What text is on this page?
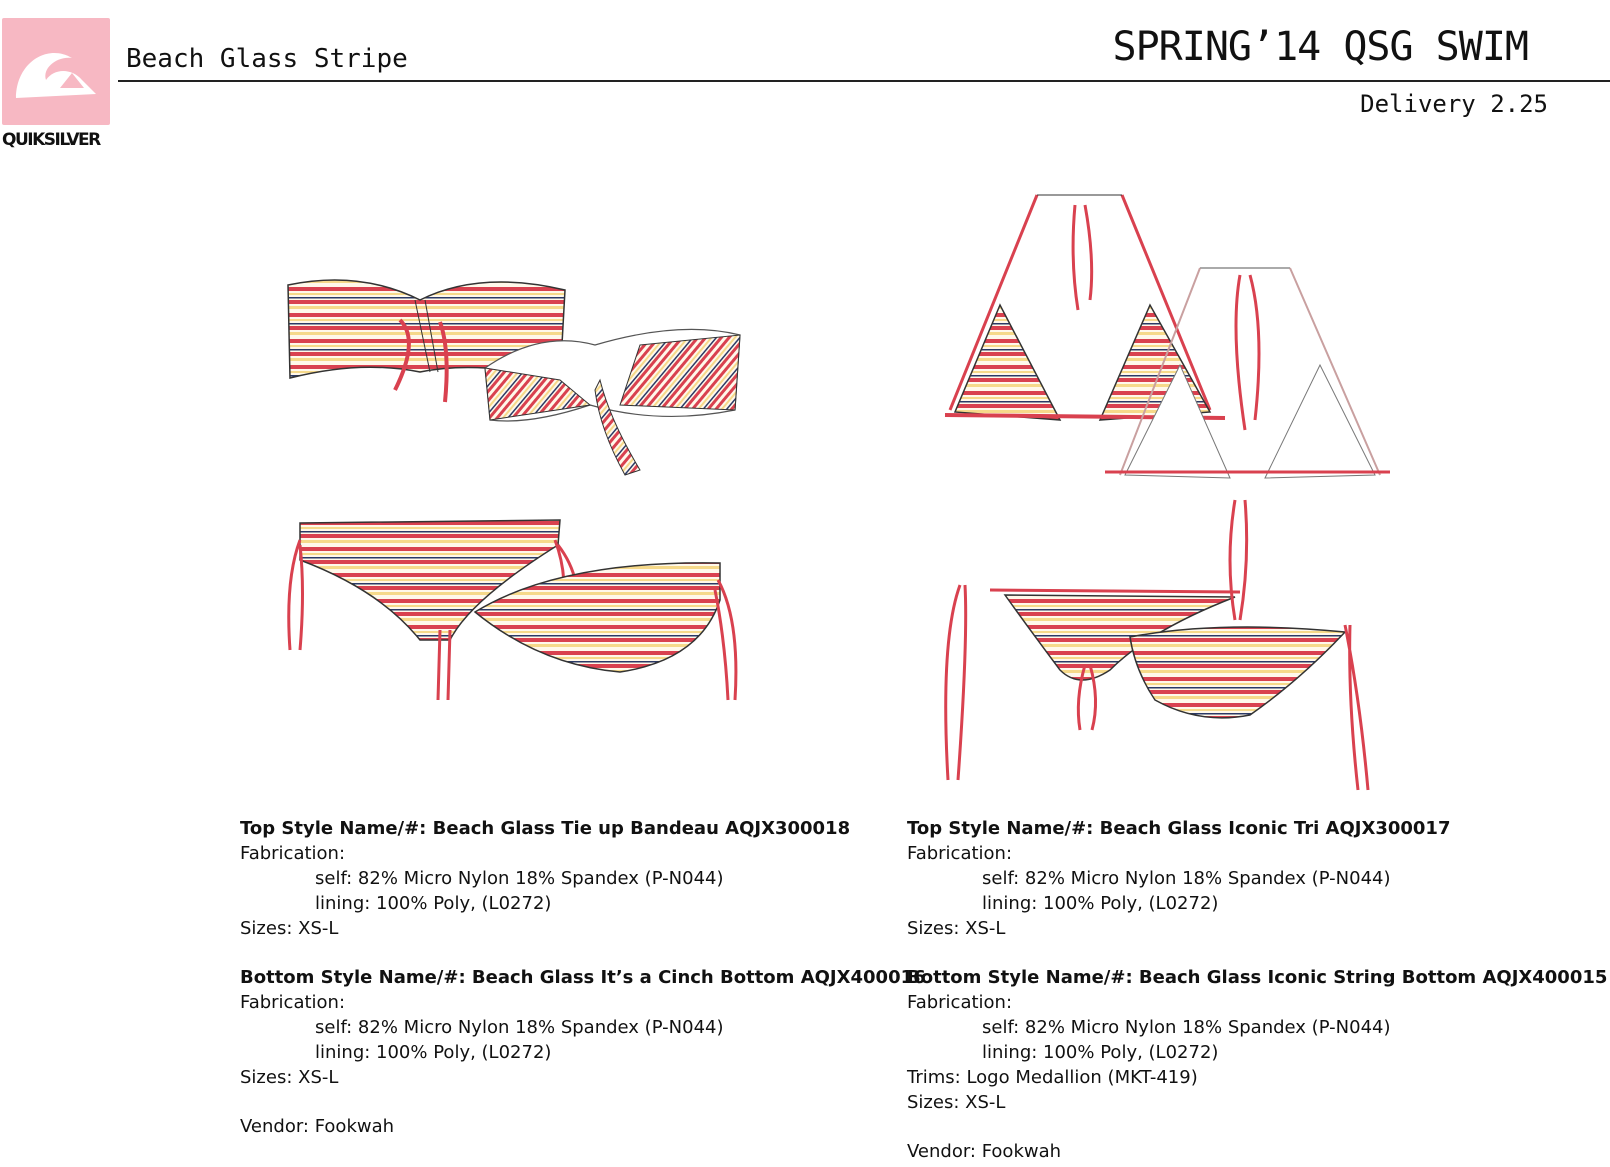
QUIKSILVER
Beach Glass Stripe	SPRING’14 QSG SWIM
Delivery 2.25
Top Style Name/#: Beach Glass Tie up Bandeau AQJX300018
Fabrication:
self: 82% Micro Nylon 18% Spandex (P-N044)
lining: 100% Poly, (L0272)
Sizes: XS-L
Bottom Style Name/#: Beach Glass It’s a Cinch Bottom AQJX400016
Fabrication:
self: 82% Micro Nylon 18% Spandex (P-N044)
lining: 100% Poly, (L0272)
Sizes: XS-L
Vendor: Fookwah
Top Style Name/#: Beach Glass Iconic Tri AQJX300017
Fabrication:
self: 82% Micro Nylon 18% Spandex (P-N044)
lining: 100% Poly, (L0272)
Sizes: XS-L
Bottom Style Name/#: Beach Glass Iconic String Bottom AQJX400015
Fabrication:
self: 82% Micro Nylon 18% Spandex (P-N044)
lining: 100% Poly, (L0272)
Trims: Logo Medallion (MKT-419)
Sizes: XS-L
Vendor: Fookwah
